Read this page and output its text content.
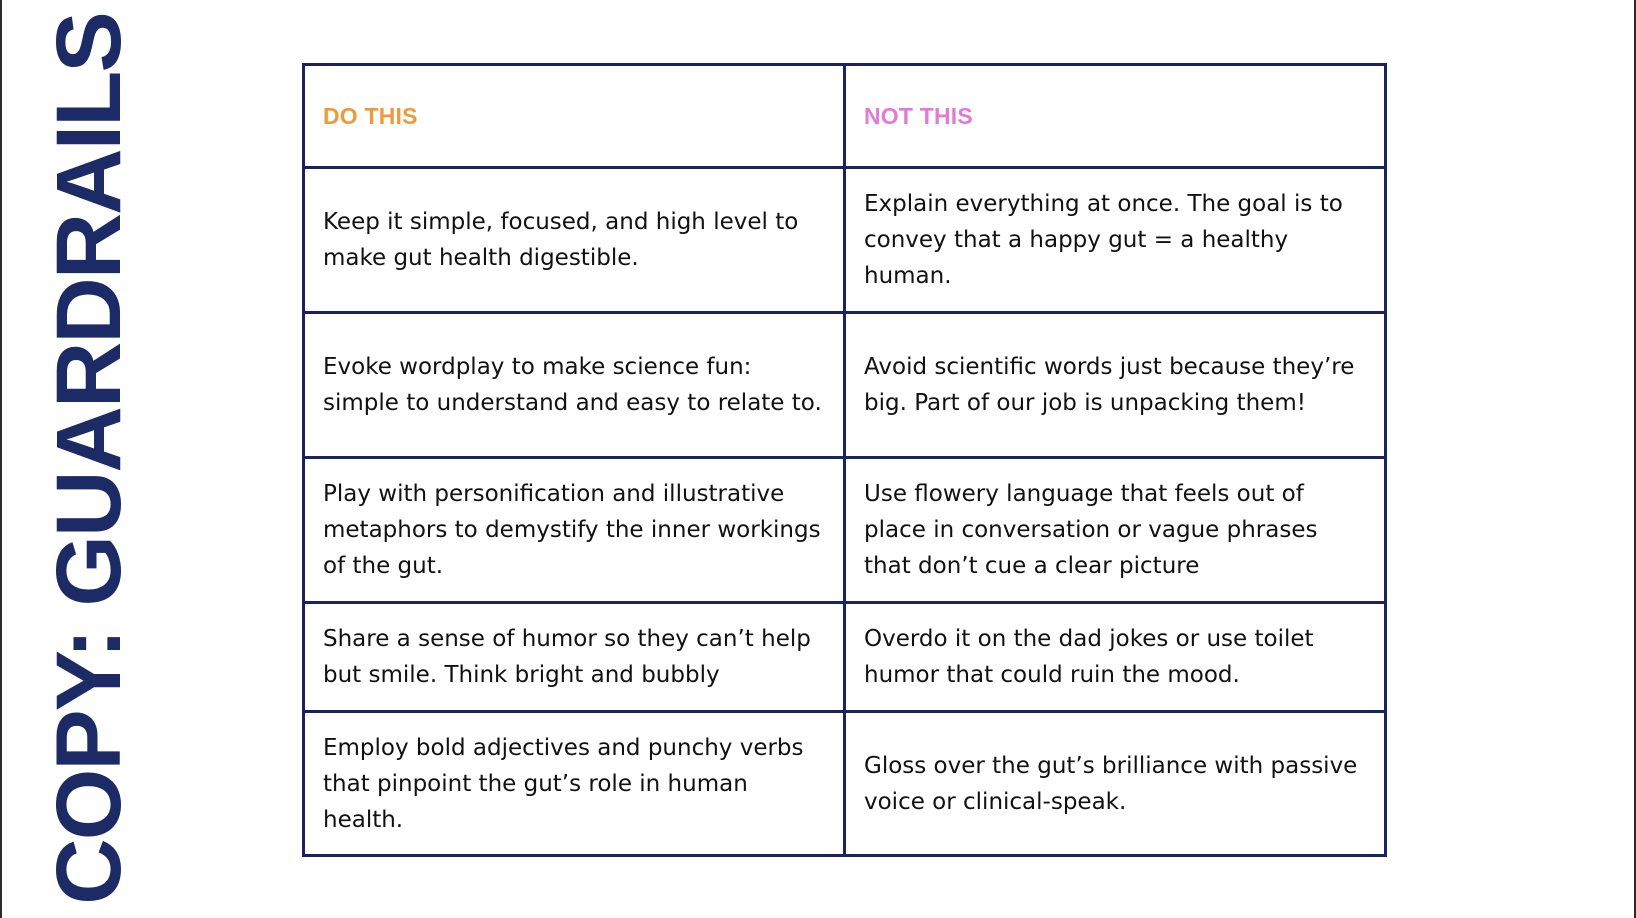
COPY: GUARDRAILS	DO THIS	NOT THIS
Keep it simple, focused, and high level to make gut health digestible.	Explain everything at once. The goal is to convey that a happy gut = a healthy human.
Evoke wordplay to make science fun: simple to understand and easy to relate to.	Avoid scientific words just because they’re big. Part of our job is unpacking them!
Play with personification and illustrative metaphors to demystify the inner workings of the gut.	Use flowery language that feels out of place in conversation or vague phrases that don’t cue a clear picture
Share a sense of humor so they can’t help but smile. Think bright and bubbly	Overdo it on the dad jokes or use toilet humor that could ruin the mood.
Employ bold adjectives and punchy verbs that pinpoint the gut’s role in human health.	Gloss over the gut’s brilliance with passive voice or clinical-speak.
